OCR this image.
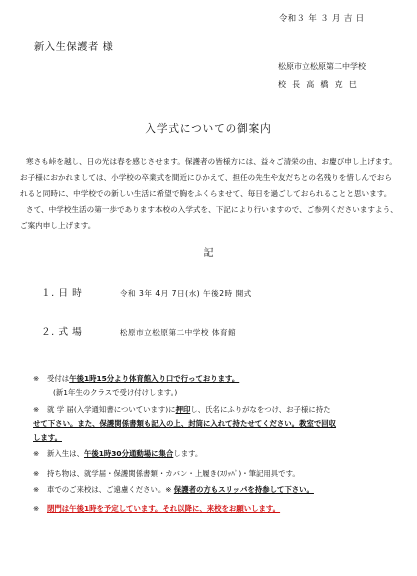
令和３ 年 ３ 月 吉 日
新入生保護者 様
松原市立松原第二中学校
校 長 高 橋 克 巳
入学式についての御案内

寒さも峠を越し、日の光は春を感じさせます。保護者の皆様方には、益々ご清栄の由、お慶び申し上げます。お子様におかれましては、小学校の卒業式を間近にひかえて、担任の先生や友だちとの名残りを惜しんでおられると同時に、中学校での新しい生活に希望で胸をふくらませて、毎日を過ごしておられることと思います。

さて、中学校生活の第一歩であります本校の入学式を、下記により行いますので、ご参列くださいますよう、ご案内申し上げます。

記
１. 日 時	令和 3年 4月 7日(水) 午後2時 開式
２. 式 場	松原市立松原第二中学校 体育館
※ 受付は午後1時15分より体育館入り口で行っております。
(新1年生のクラスで受け付けします。)
※ 就 学 届(入学通知書についています)に押印し、氏名にふりがなをつけ、お子様に持た
せて下さい。また、保護関係書類も記入の上、封筒に入れて持たせてください。教室で回収
します。
※ 新入生は、午後1時30分通動場に集合します。
※ 持ち物は、就学届・保護関係書類・カバン・上履き(ｽﾘｯﾊﾟ)・筆記用具です。
※ 車でのご来校は、ご遠慮ください。※ 保護者の方もスリッパを持参して下さい。
※ 閉門は午後1時を予定しています。それ以降に、来校をお願いします。
